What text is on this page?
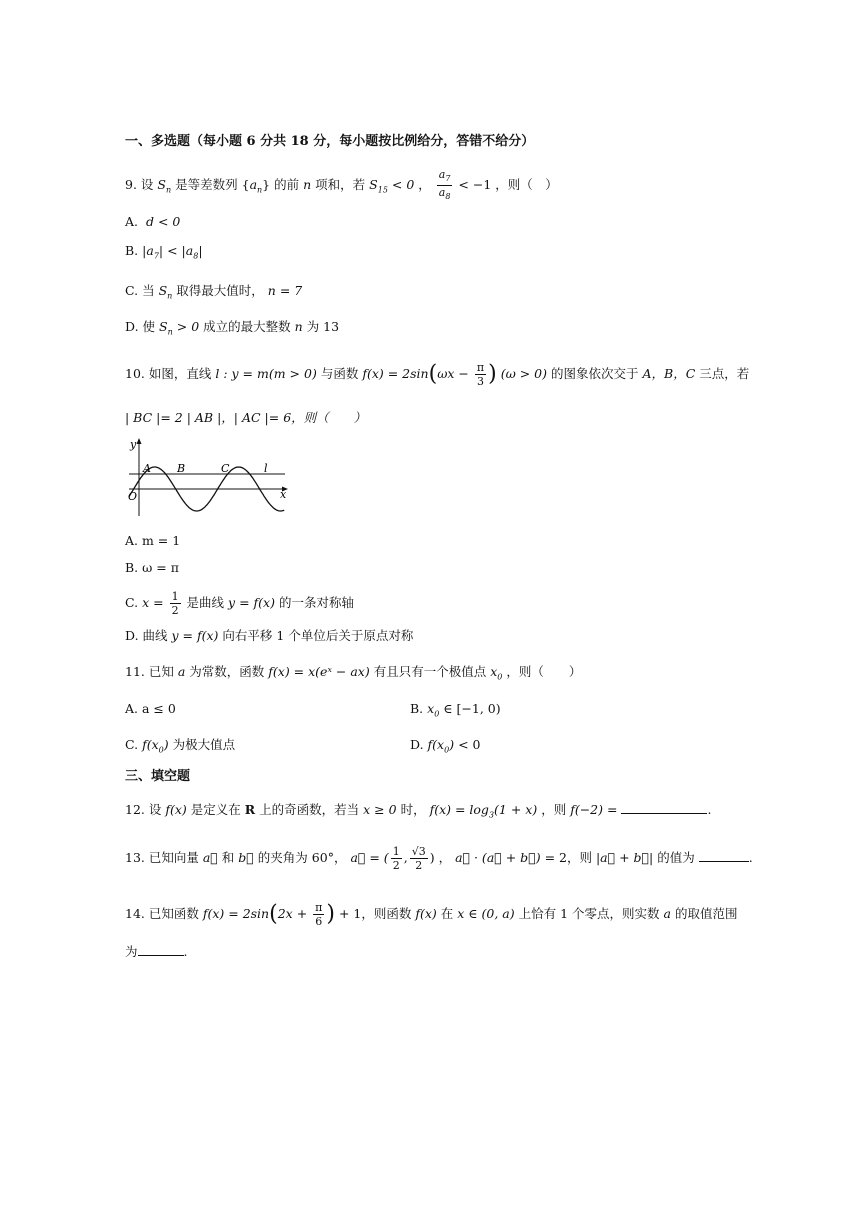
一、多选题（每小题 6 分共 18 分，每小题按比例给分，答错不给分）
9. 设 $S_n$ 是等差数列 $\{a_n\}$ 的前 n 项和，若 $S_{15} < 0$ ， $\frac{a_7}{a_8} < -1$ ，则（　）
A. d < 0
B. $|a_7| < |a_8|$
C. 当 $S_n$ 取得最大值时， n = 7
D. 使 $S_n > 0$ 成立的最大整数 n 为 13
10. 如图，直线 l : y = m(m > 0) 与函数 $f(x) = 2\sin(\omega x - \frac{\pi}{3}$ ) (ω > 0) 的图象依次交于 A，B，C 三点，若
| BC |= 2 | AB |，| AC |= 6，则（　　）
y
x
O
A B	C	l
A. m = 1
B. ω = π
C. $x = \frac{1}{2}$ 是曲线 y = f(x) 的一条对称轴
D. 曲线 y = f(x) 向右平移 1 个单位后关于原点对称
11. 已知 a 为常数，函数 f(x) = x(eˣ − ax) 有且只有一个极值点 $x_0$ ，则（　　）
A. a ≤ 0	B. $x_0$ ∈ [−1, 0)
C. $f(x_0)$ 为极大值点	D. $f(x_0) < 0$
三、填空题
12. 设 f(x) 是定义在 R 上的奇函数，若当 x ≥ 0 时， $f(x) = \log_3(1 + x)$ ，则 f(−2) =	.
13. 已知向量 a⃗ 和 b⃗ 的夹角为 60°， a⃗ = ( $\frac{1}{2}$ , $\frac{√3}{2}$ ) ， a⃗ · (a⃗ + b⃗) = 2，则 |a⃗ + b⃗| 的值为	.
14. 已知函数 $f(x) = 2\sin(2x + \frac{\pi}{6}$ ) + 1，则函数 f(x) 在 x ∈ (0, a) 上恰有 1 个零点，则实数 a 的取值范围
为	.
